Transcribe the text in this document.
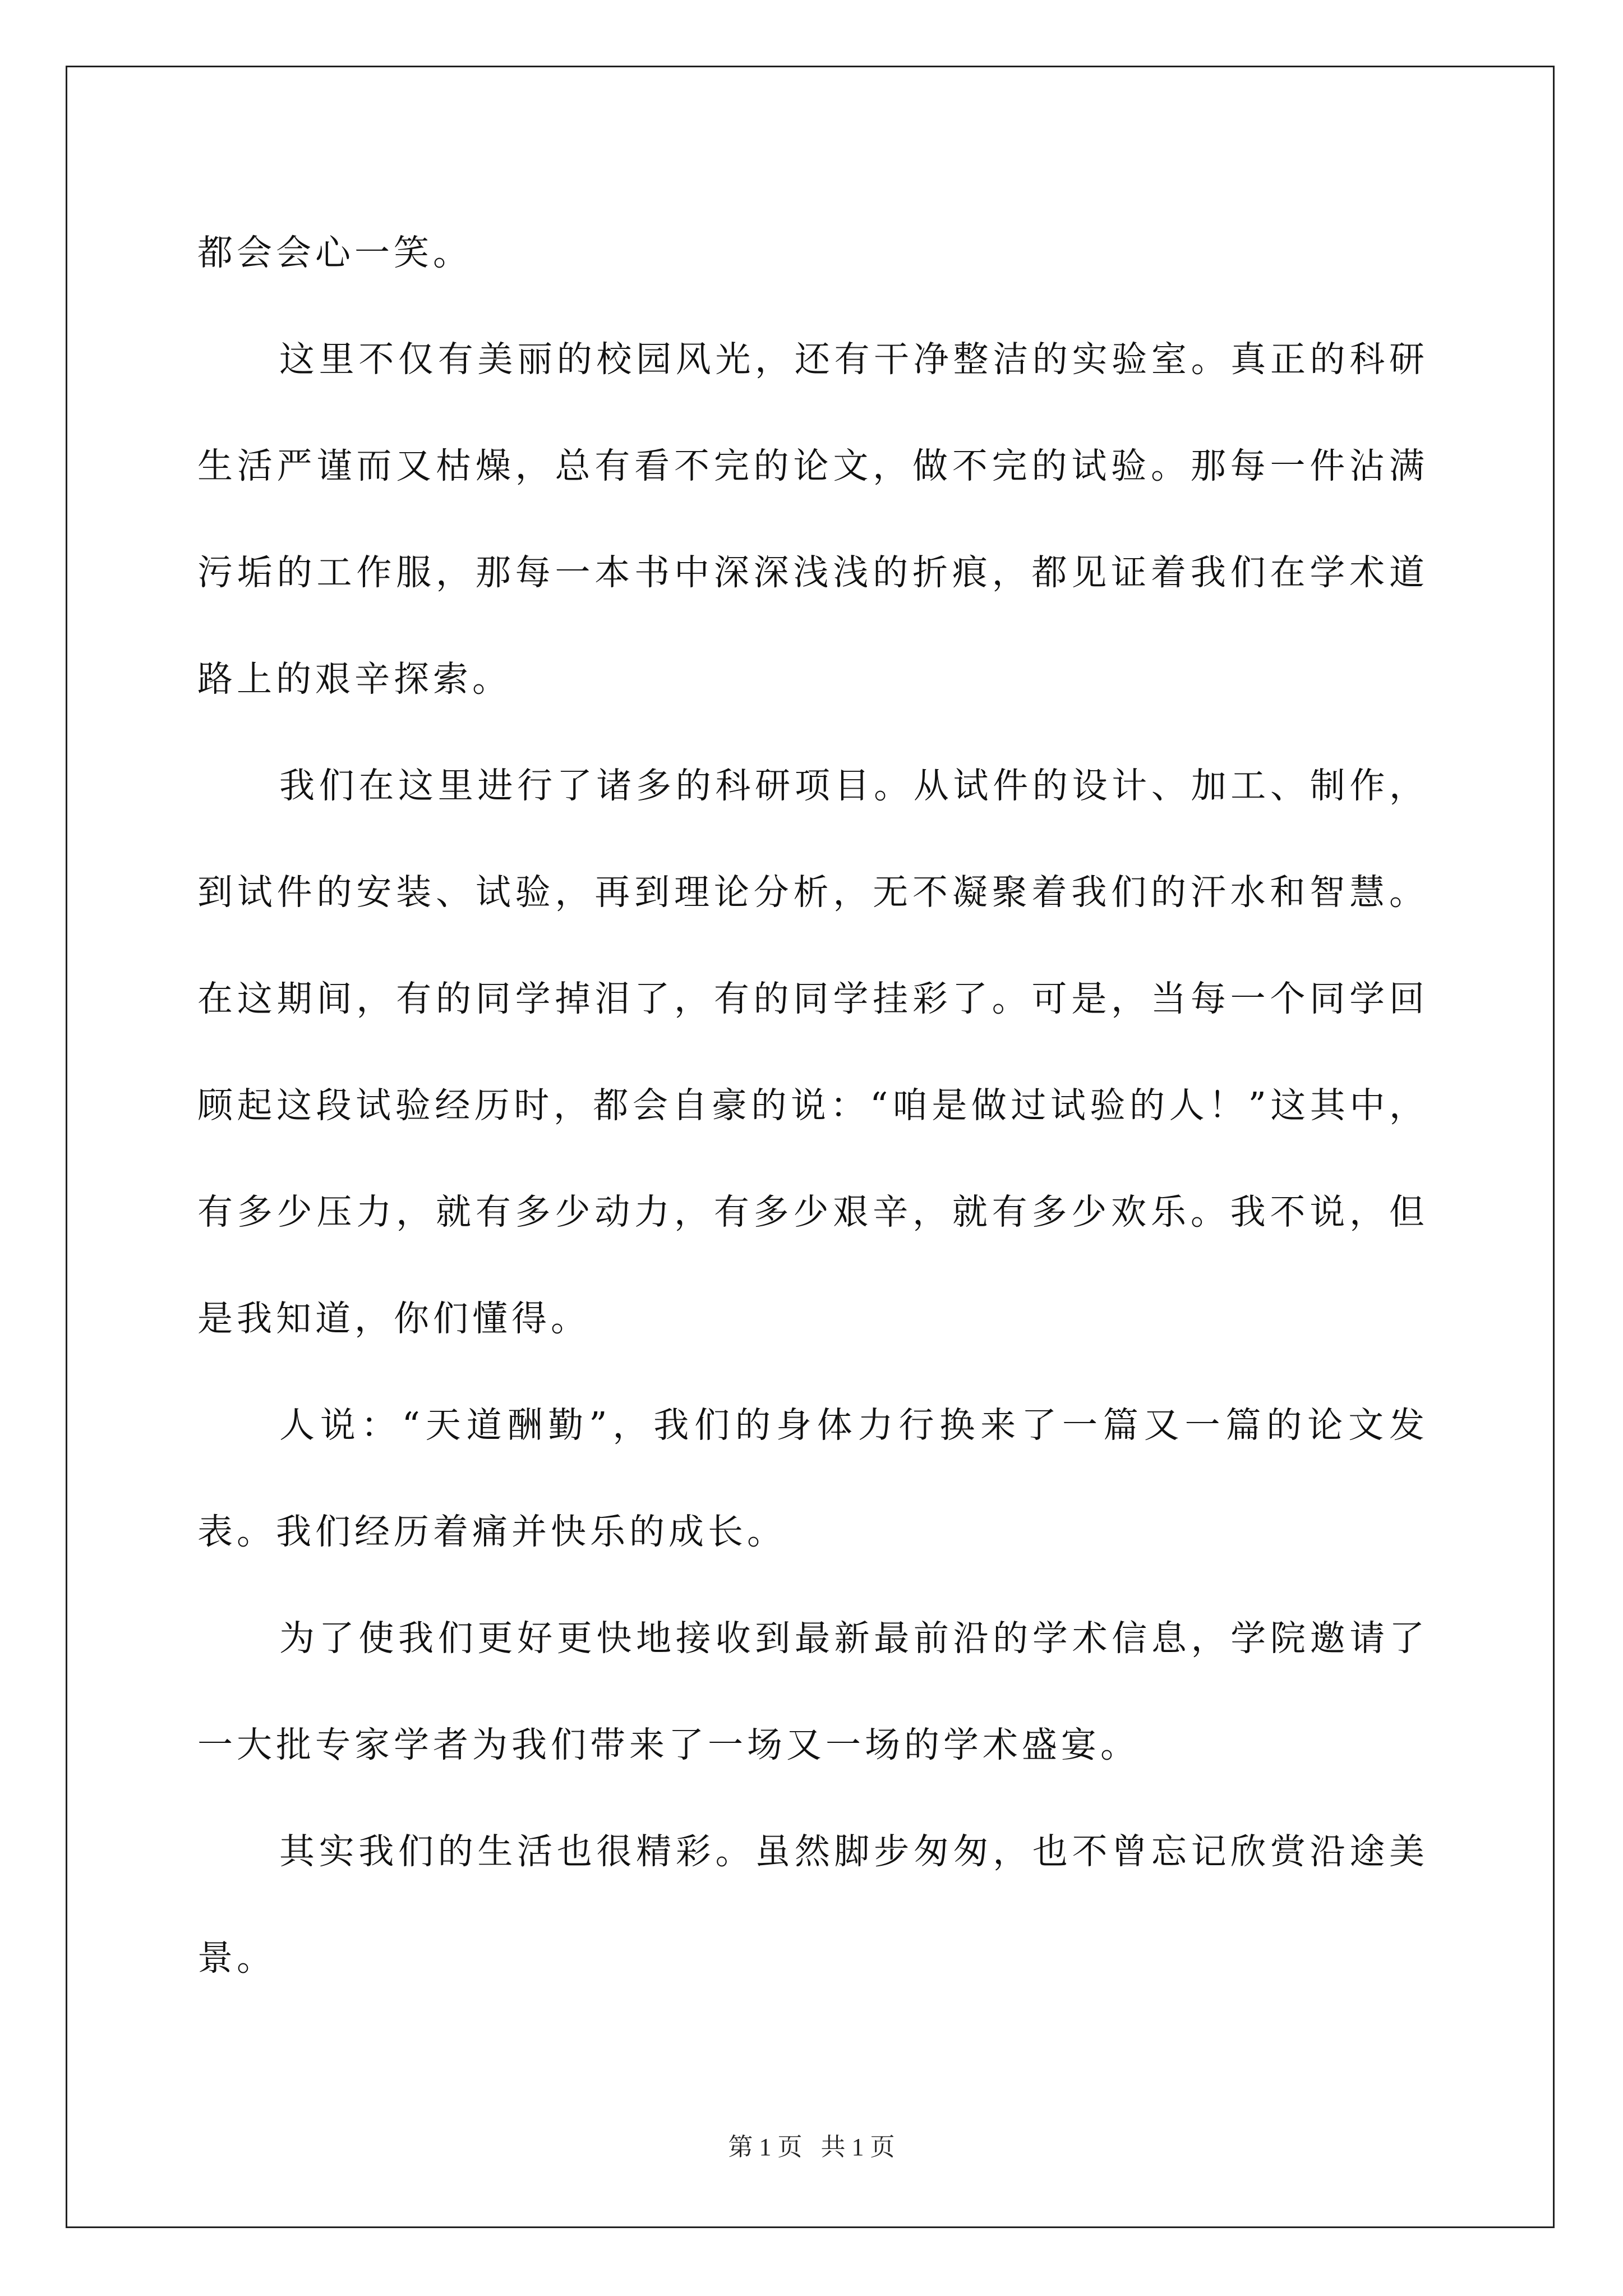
都会会心一笑。

这里不仅有美丽的校园风光，还有干净整洁的实验室。真正的科研生活严谨而又枯燥，总有看不完的论文，做不完的试验。那每一件沾满污垢的工作服，那每一本书中深深浅浅的折痕，都见证着我们在学术道路上的艰辛探索。

我们在这里进行了诸多的科研项目。从试件的设计、加工、制作，到试件的安装、试验，再到理论分析，无不凝聚着我们的汗水和智慧。在这期间，有的同学掉泪了，有的同学挂彩了。可是，当每一个同学回顾起这段试验经历时，都会自豪的说：“咱是做过试验的人！”这其中，有多少压力，就有多少动力，有多少艰辛，就有多少欢乐。我不说，但是我知道，你们懂得。

人说：“天道酬勤”，我们的身体力行换来了一篇又一篇的论文发表。我们经历着痛并快乐的成长。

为了使我们更好更快地接收到最新最前沿的学术信息，学院邀请了一大批专家学者为我们带来了一场又一场的学术盛宴。

其实我们的生活也很精彩。虽然脚步匆匆，也不曾忘记欣赏沿途美景。

第 1 页   共 1 页
